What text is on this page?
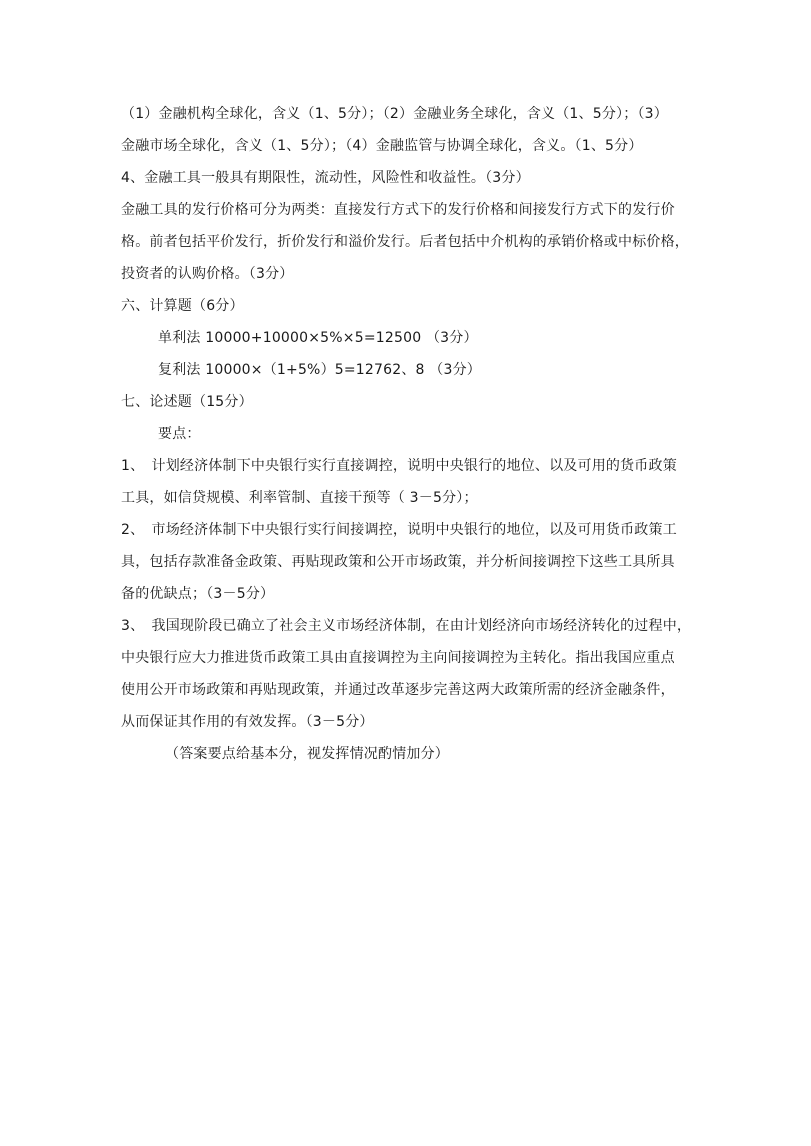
（1）金融机构全球化，含义（1、5分）；（2）金融业务全球化，含义（1、5分）；（3）
金融市场全球化，含义（1、5分）；（4）金融监管与协调全球化，含义。（1、5分）
4、金融工具一般具有期限性，流动性，风险性和收益性。（3分）
金融工具的发行价格可分为两类：直接发行方式下的发行价格和间接发行方式下的发行价
格。前者包括平价发行，折价发行和溢价发行。后者包括中介机构的承销价格或中标价格，
投资者的认购价格。（3分）
六、计算题（6分）
单利法 10000+10000×5%×5=12500 （3分）
复利法 10000×（1+5%）5=12762、8 （3分）
七、论述题（15分）
要点：
1、　计划经济体制下中央银行实行直接调控，说明中央银行的地位、以及可用的货币政策
工具，如信贷规模、利率管制、直接干预等（ 3－5分）；
2、　市场经济体制下中央银行实行间接调控，说明中央银行的地位，以及可用货币政策工
具，包括存款准备金政策、再贴现政策和公开市场政策，并分析间接调控下这些工具所具
备的优缺点；（3－5分）
3、　我国现阶段已确立了社会主义市场经济体制，在由计划经济向市场经济转化的过程中，
中央银行应大力推进货币政策工具由直接调控为主向间接调控为主转化。指出我国应重点
使用公开市场政策和再贴现政策，并通过改革逐步完善这两大政策所需的经济金融条件，
从而保证其作用的有效发挥。（3－5分）
（答案要点给基本分，视发挥情况酌情加分）
